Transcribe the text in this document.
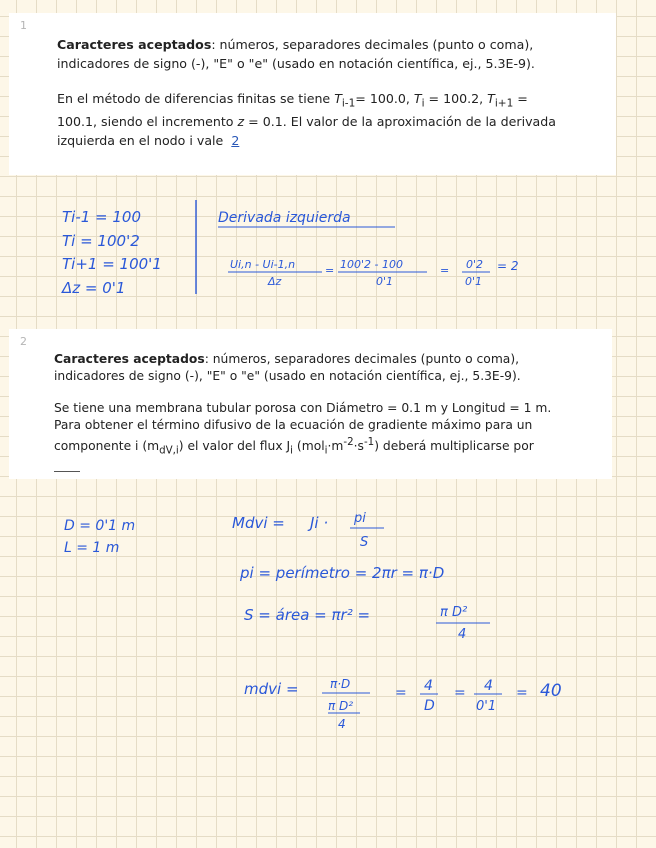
1

Caracteres aceptados: números, separadores decimales (punto o coma),
indicadores de signo (-), "E" o "e" (usado en notación científica, ej., 5.3E-9).

En el método de diferencias finitas se tiene $T_{i-1}= 100.0$, $T_i = 100.2$, $T_{i+1}$ =
100.1, siendo el incremento z = 0.1. El valor de la aproximación de la derivada
izquierda en el nodo i vale 2

2

Caracteres aceptados: números, separadores decimales (punto o coma),
indicadores de signo (-), "E" o "e" (usado en notación científica, ej., 5.3E-9).

Se tiene una membrana tubular porosa con Diámetro = 0.1 m y Longitud = 1 m.
Para obtener el término difusivo de la ecuación de gradiente máximo para un
componente i $(m_{dV,i})$ el valor del flux $J_i$ $(mol_i\cdot m^{-2}\cdot s^{-1})$ deberá multiplicarse por

Ti-1 = 100
Ti = 100'2
Ti+1 = 100'1
Δz = 0'1
Derivada izquierda
Ui,n - Ui-1,n
Δz
= 100'2 - 100
0'1
= 0'2
0'1
= 2
D = 0'1 m
L = 1 m
Mdvi = Ji · pi
S
pi = perímetro = 2πr = π·D
S = área = πr² =	π D²
4
mdvi =	π·D
π D²
4
= 4
D
= 4
0'1
= 40
